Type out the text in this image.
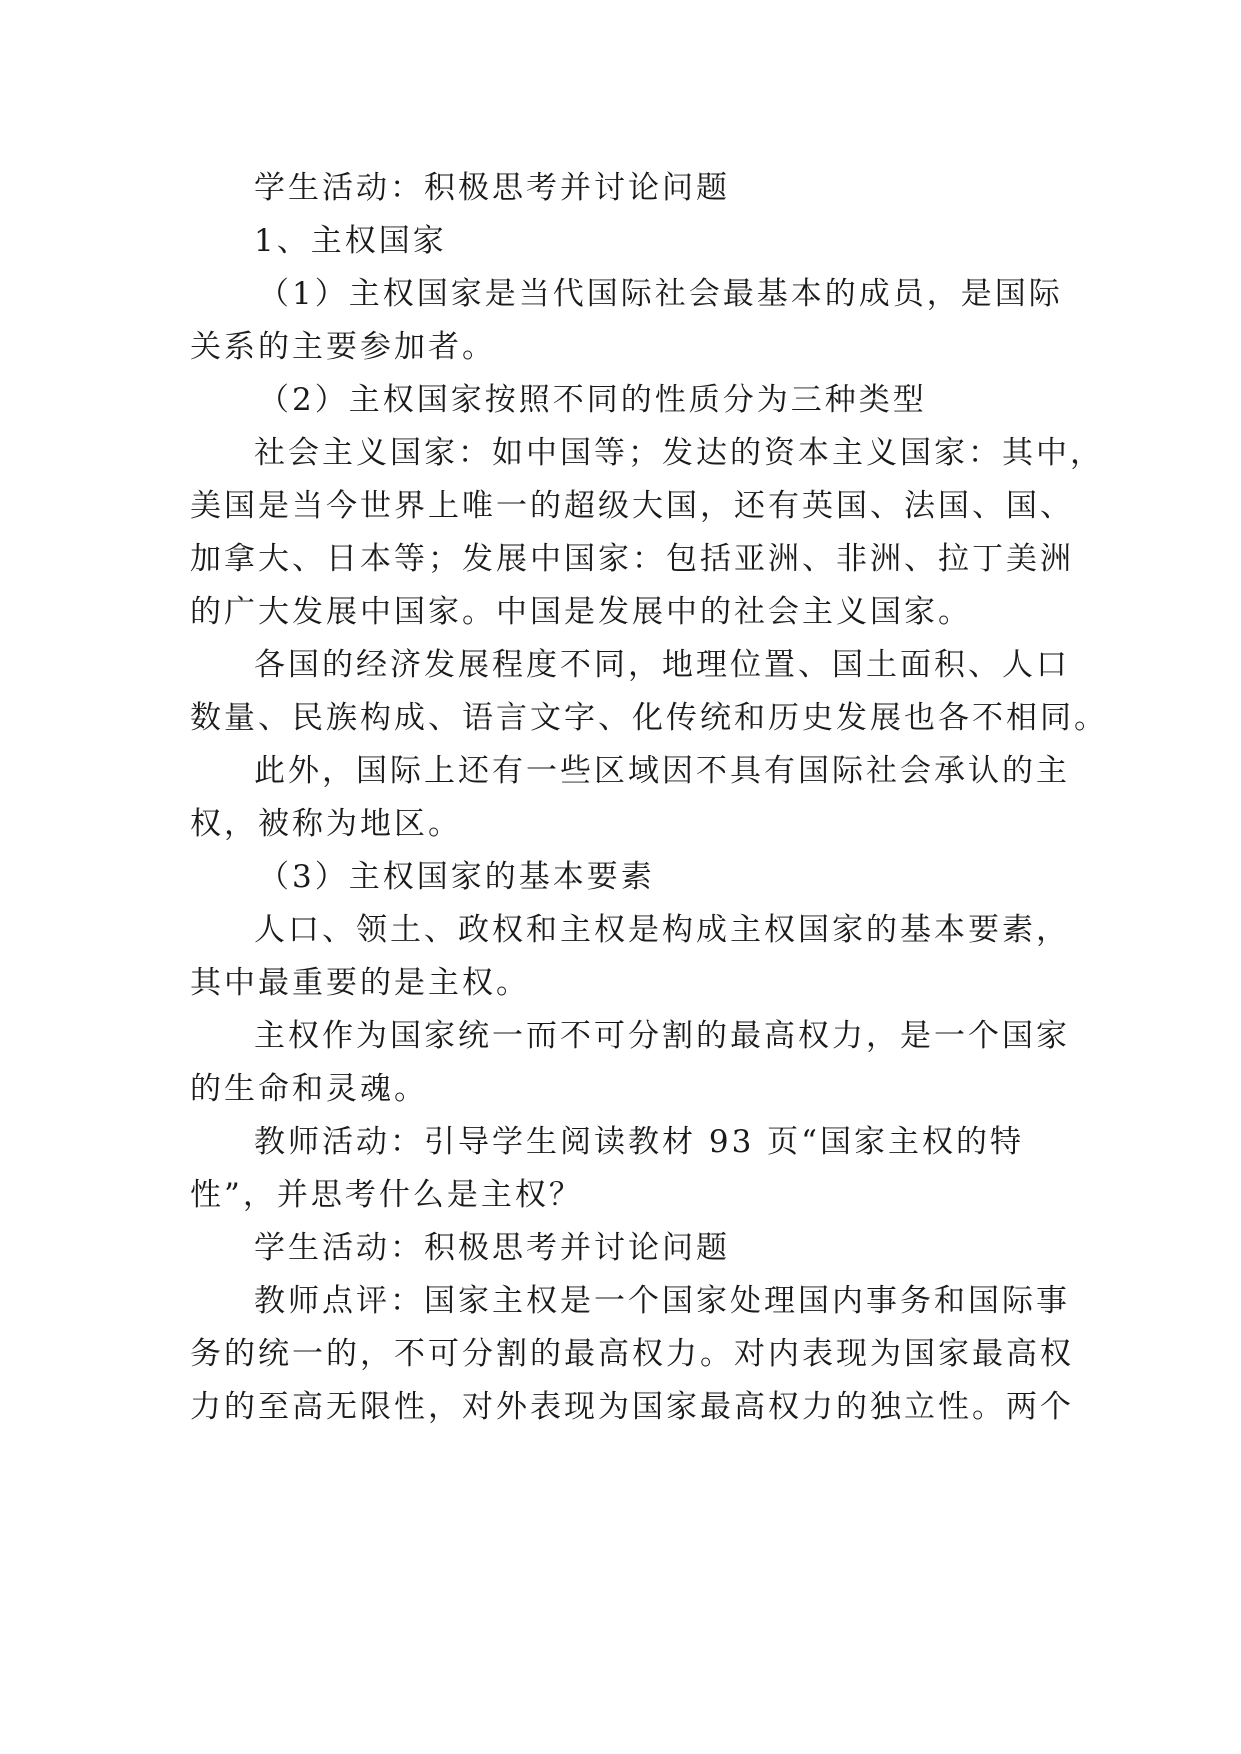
学生活动：积极思考并讨论问题
1、主权国家
（1）主权国家是当代国际社会最基本的成员，是国际
关系的主要参加者。
（2）主权国家按照不同的性质分为三种类型
社会主义国家：如中国等；发达的资本主义国家：其中，
美国是当今世界上唯一的超级大国，还有英国、法国、国、
加拿大、日本等；发展中国家：包括亚洲、非洲、拉丁美洲
的广大发展中国家。中国是发展中的社会主义国家。
各国的经济发展程度不同，地理位置、国土面积、人口
数量、民族构成、语言文字、化传统和历史发展也各不相同。
此外，国际上还有一些区域因不具有国际社会承认的主
权，被称为地区。
（3）主权国家的基本要素
人口、领土、政权和主权是构成主权国家的基本要素，
其中最重要的是主权。
主权作为国家统一而不可分割的最高权力，是一个国家
的生命和灵魂。
教师活动：引导学生阅读教材 93 页“国家主权的特
性”，并思考什么是主权？
学生活动：积极思考并讨论问题
教师点评：国家主权是一个国家处理国内事务和国际事
务的统一的，不可分割的最高权力。对内表现为国家最高权
力的至高无限性，对外表现为国家最高权力的独立性。两个
